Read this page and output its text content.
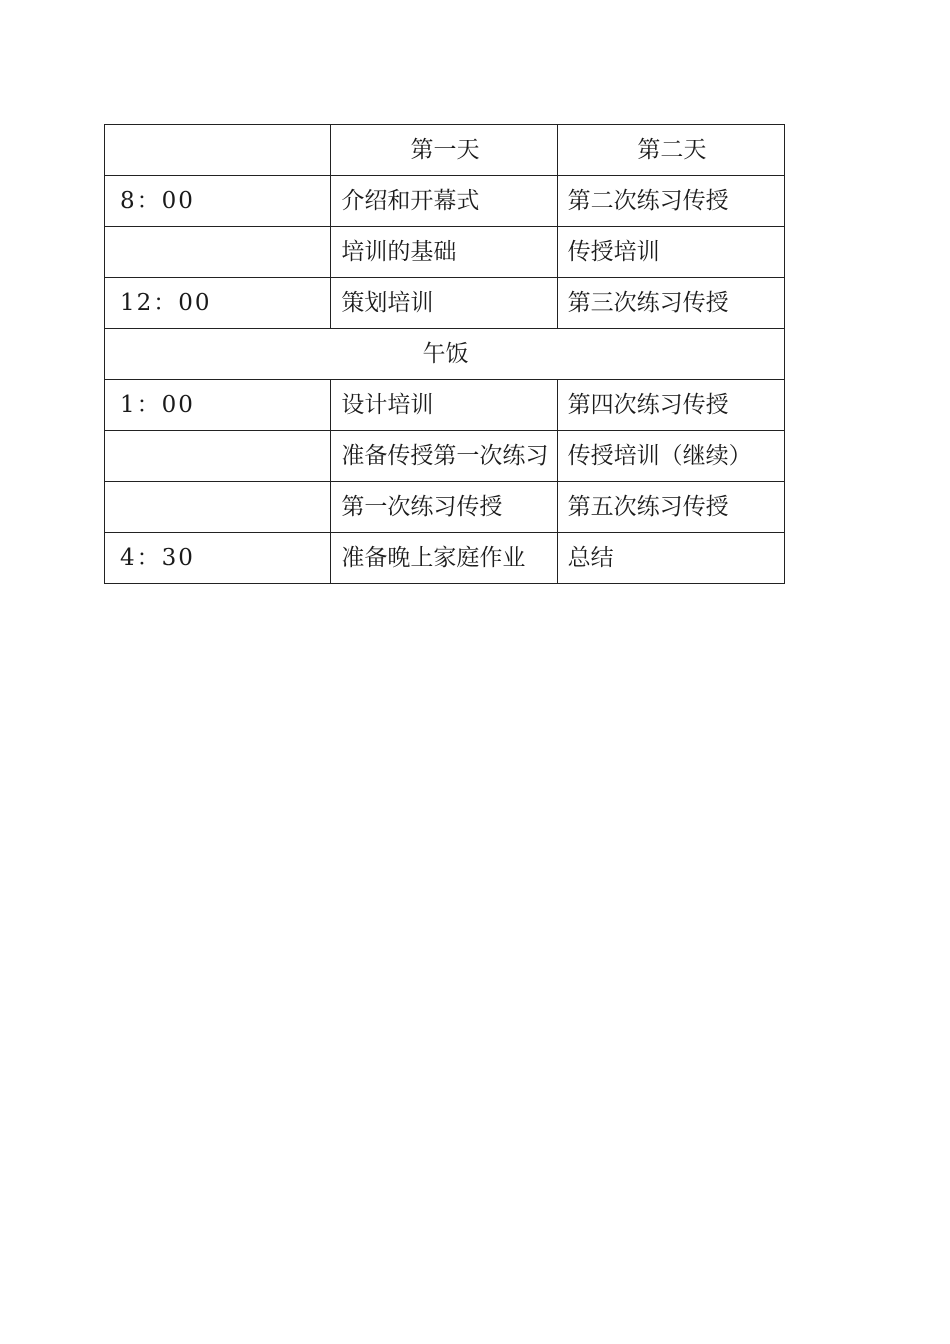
	第一天	第二天
8：00	介绍和开幕式	第二次练习传授
	培训的基础	传授培训
12：00	策划培训	第三次练习传授
午饭		
1：00	设计培训	第四次练习传授
	准备传授第一次练习	传授培训（继续）
	第一次练习传授	第五次练习传授
4：30	准备晚上家庭作业	总结
